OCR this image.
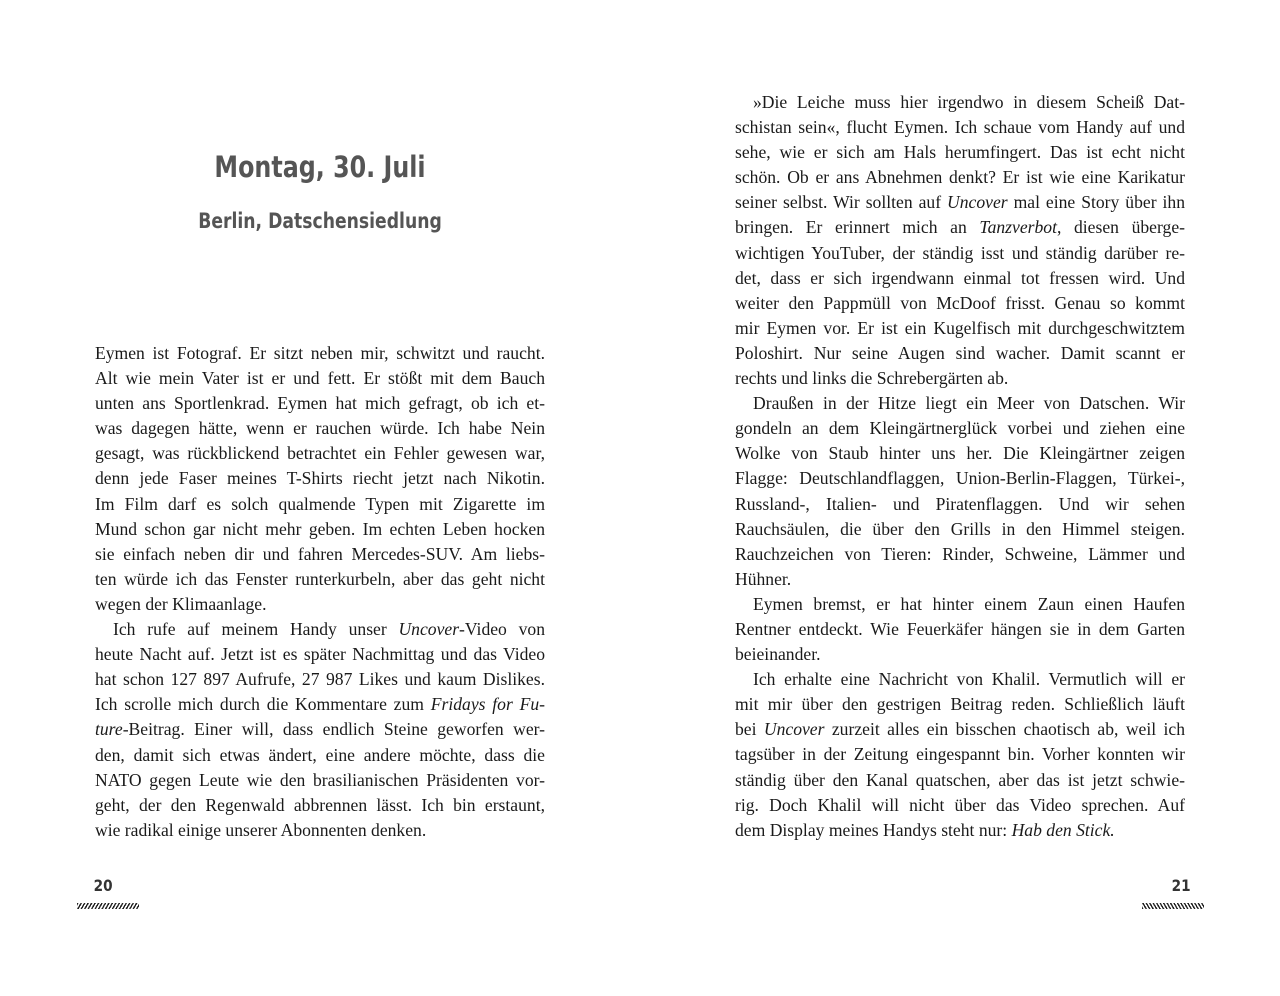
Montag, 30. Juli
Berlin, Datschensiedlung
Eymen ist Fotograf. Er sitzt neben mir, schwitzt und raucht.
Alt wie mein Vater ist er und fett. Er stößt mit dem Bauch
unten ans Sportlenkrad. Eymen hat mich gefragt, ob ich et-
was dagegen hätte, wenn er rauchen würde. Ich habe Nein
gesagt, was rückblickend betrachtet ein Fehler gewesen war,
denn jede Faser meines T-Shirts riecht jetzt nach Nikotin.
Im Film darf es solch qualmende Typen mit Zigarette im
Mund schon gar nicht mehr geben. Im echten Leben hocken
sie einfach neben dir und fahren Mercedes-SUV. Am liebs-
ten würde ich das Fenster runterkurbeln, aber das geht nicht
wegen der Klimaanlage.
Ich rufe auf meinem Handy unser Uncover-Video von
heute Nacht auf. Jetzt ist es später Nachmittag und das Video
hat schon 127 897 Aufrufe, 27 987 Likes und kaum Dislikes.
Ich scrolle mich durch die Kommentare zum Fridays for Fu-
ture-Beitrag. Einer will, dass endlich Steine geworfen wer-
den, damit sich etwas ändert, eine andere möchte, dass die
NATO gegen Leute wie den brasilianischen Präsidenten vor-
geht, der den Regenwald abbrennen lässt. Ich bin erstaunt,
wie radikal einige unserer Abonnenten denken.
20
»Die Leiche muss hier irgendwo in diesem Scheiß Dat-
schistan sein«, flucht Eymen. Ich schaue vom Handy auf und
sehe, wie er sich am Hals herumfingert. Das ist echt nicht
schön. Ob er ans Abnehmen denkt? Er ist wie eine Karikatur
seiner selbst. Wir sollten auf Uncover mal eine Story über ihn
bringen. Er erinnert mich an Tanzverbot, diesen überge-
wichtigen YouTuber, der ständig isst und ständig darüber re-
det, dass er sich irgendwann einmal tot fressen wird. Und
weiter den Pappmüll von McDoof frisst. Genau so kommt
mir Eymen vor. Er ist ein Kugelfisch mit durchgeschwitztem
Poloshirt. Nur seine Augen sind wacher. Damit scannt er
rechts und links die Schrebergärten ab.
Draußen in der Hitze liegt ein Meer von Datschen. Wir
gondeln an dem Kleingärtnerglück vorbei und ziehen eine
Wolke von Staub hinter uns her. Die Kleingärtner zeigen
Flagge: Deutschlandflaggen, Union-Berlin-Flaggen, Türkei-,
Russland-, Italien- und Piratenflaggen. Und wir sehen
Rauchsäulen, die über den Grills in den Himmel steigen.
Rauchzeichen von Tieren: Rinder, Schweine, Lämmer und
Hühner.
Eymen bremst, er hat hinter einem Zaun einen Haufen
Rentner entdeckt. Wie Feuerkäfer hängen sie in dem Garten
beieinander.
Ich erhalte eine Nachricht von Khalil. Vermutlich will er
mit mir über den gestrigen Beitrag reden. Schließlich läuft
bei Uncover zurzeit alles ein bisschen chaotisch ab, weil ich
tagsüber in der Zeitung eingespannt bin. Vorher konnten wir
ständig über den Kanal quatschen, aber das ist jetzt schwie-
rig. Doch Khalil will nicht über das Video sprechen. Auf
dem Display meines Handys steht nur: Hab den Stick.
21
